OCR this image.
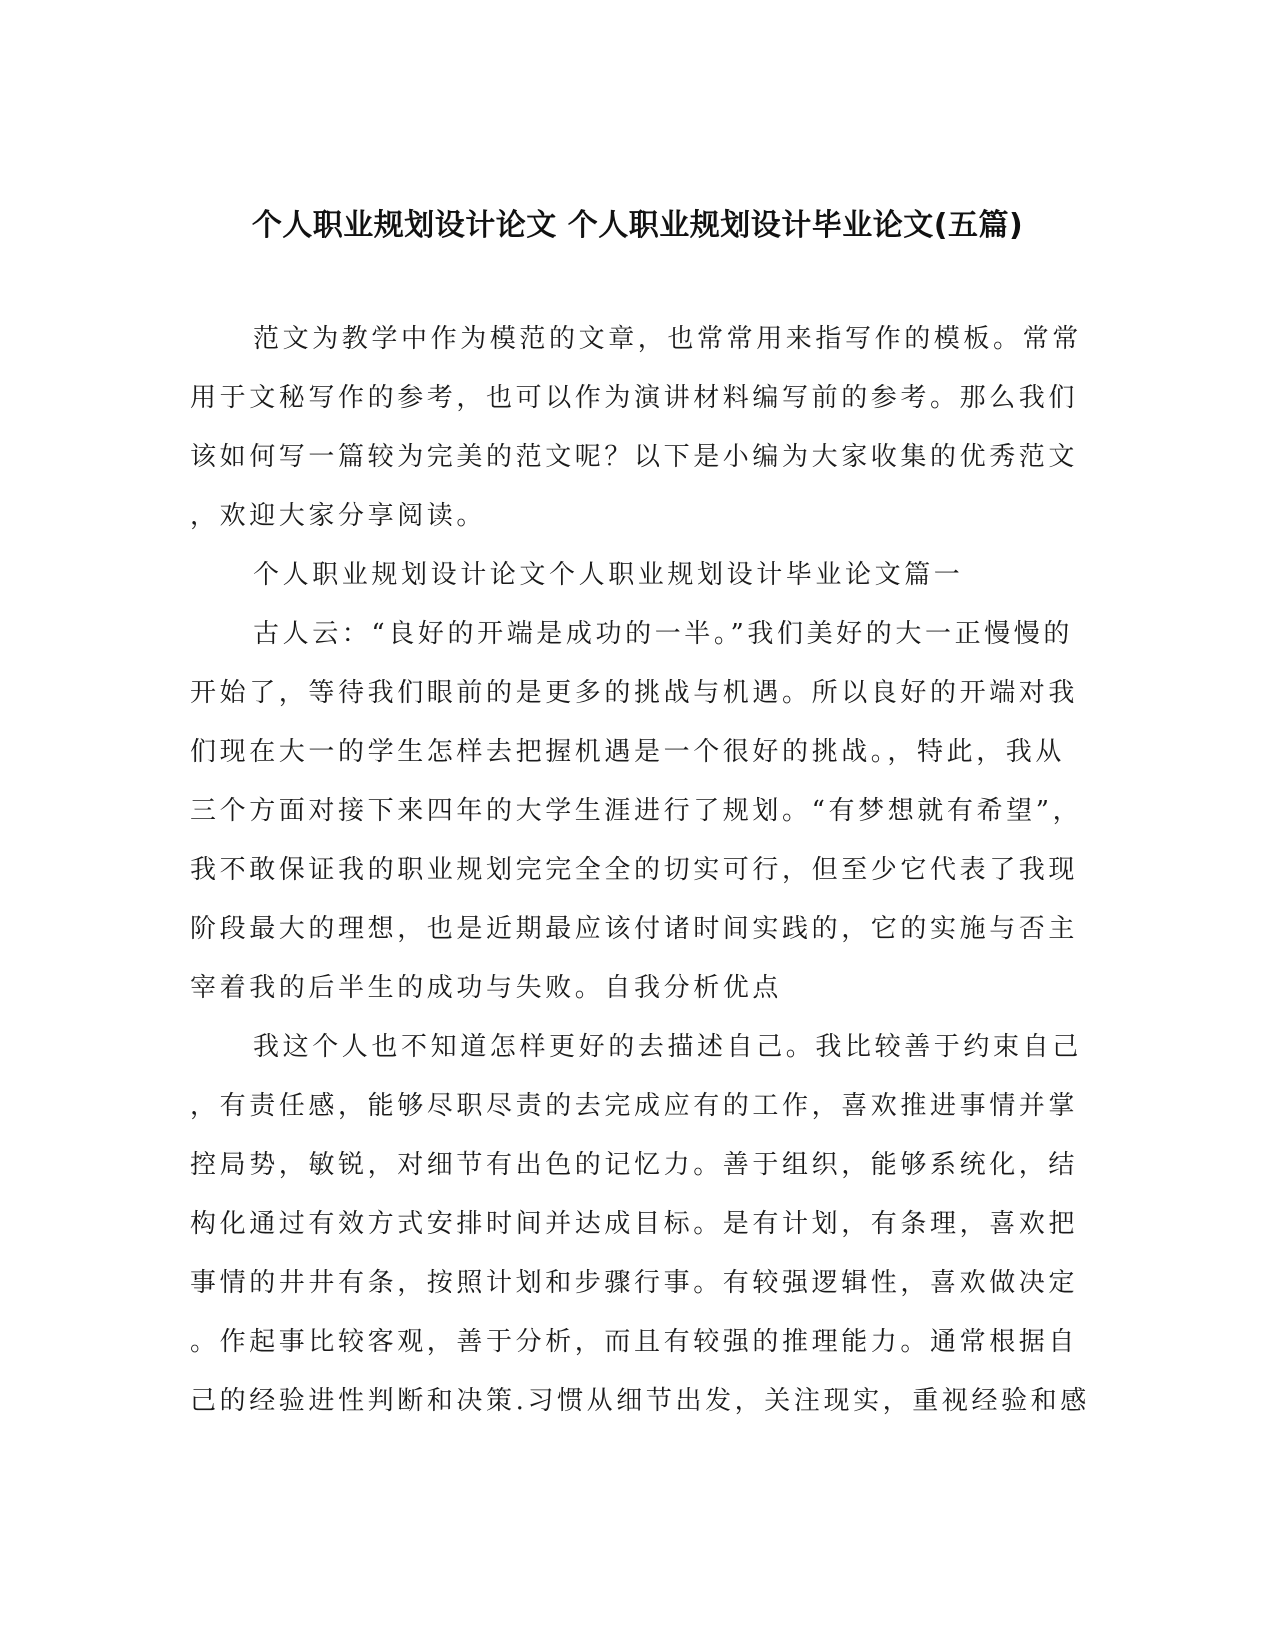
个人职业规划设计论文 个人职业规划设计毕业论文(五篇)
范文为教学中作为模范的文章，也常常用来指写作的模板。常常
用于文秘写作的参考，也可以作为演讲材料编写前的参考。那么我们
该如何写一篇较为完美的范文呢？以下是小编为大家收集的优秀范文
，欢迎大家分享阅读。
个人职业规划设计论文个人职业规划设计毕业论文篇一
古人云：“良好的开端是成功的一半。”我们美好的大一正慢慢的
开始了，等待我们眼前的是更多的挑战与机遇。所以良好的开端对我
们现在大一的学生怎样去把握机遇是一个很好的挑战。，特此，我从
三个方面对接下来四年的大学生涯进行了规划。“有梦想就有希望”，
我不敢保证我的职业规划完完全全的切实可行，但至少它代表了我现
阶段最大的理想，也是近期最应该付诸时间实践的，它的实施与否主
宰着我的后半生的成功与失败。自我分析优点
我这个人也不知道怎样更好的去描述自己。我比较善于约束自己
，有责任感，能够尽职尽责的去完成应有的工作，喜欢推进事情并掌
控局势，敏锐，对细节有出色的记忆力。善于组织，能够系统化，结
构化通过有效方式安排时间并达成目标。是有计划，有条理，喜欢把
事情的井井有条，按照计划和步骤行事。有较强逻辑性，喜欢做决定
。作起事比较客观，善于分析，而且有较强的推理能力。通常根据自
己的经验进性判断和决策.习惯从细节出发，关注现实，重视经验和感
